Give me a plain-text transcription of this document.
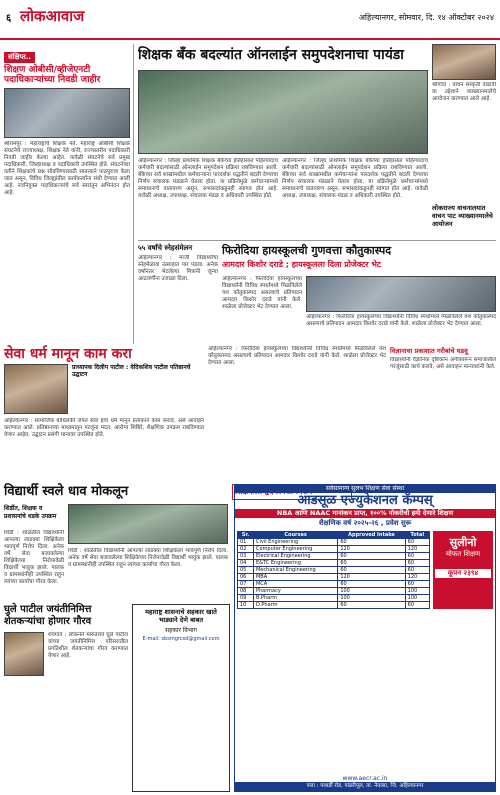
६ लोकआवाज	अहिल्यानगर, सोमवार, दि. १४ ऑक्टोबर २०२४
संक्षिप्त..
शिक्षण ओबीसी/व्हीजेएनटी पदाधिकाऱ्यांच्या निवडी जाहीर
श्रीरामपूर : महाराष्ट्राचे शिक्षक नेते, महाराष्ट्र ओबीसी शिक्षक संघटनेचे राज्याध्यक्ष, शिक्षक नेते यांनी, राज्यस्तरीय पदाधिकारी निवडी जाहीर केल्या आहेत. यावेळी संघटनेचे सर्व प्रमुख पदाधिकारी, जिल्हाध्यक्ष व पदाधिकारी उपस्थित होते. संघटनेच्या वतीने शिक्षकांचे प्रश्न सोडविण्यासाठी सातत्याने पाठपुरावा केला जात असून, विविध जिल्ह्यांतील कार्यकर्त्यांना संधी देण्यात आली आहे. नवनियुक्त पदाधिकाऱ्यांचे सर्व स्तरांतून अभिनंदन होत आहे.
शिक्षक बँक बदल्यांत ऑनलाईन समुपदेशनाचा पायंडा
श्रीगोंदा : वाचन संस्कृती वाढावी या उद्देशाने व्याख्यानमालेचे आयोजन करण्यात आले आहे.
अहिल्यानगर : जिल्हा प्राथमिक शिक्षक बँकेच्या इतिहासात पहिल्यांदाच कर्मचारी बदल्यांसाठी ऑनलाईन समुपदेशन प्रक्रिया राबविण्यात आली. बँकेच्या सर्व शाखांमधील कर्मचाऱ्यांना पारदर्शक पद्धतीने बदली देण्याचा निर्णय संचालक मंडळाने घेतला होता. या प्रक्रियेमुळे कर्मचाऱ्यांमध्ये समाधानाचे वातावरण असून, सभासदांकडूनही स्वागत होत आहे. यावेळी अध्यक्ष, उपाध्यक्ष, संचालक मंडळ व अधिकारी उपस्थित होते.
अहिल्यानगर : जिल्हा प्राथमिक शिक्षक बँकेच्या इतिहासात पहिल्यांदाच कर्मचारी बदल्यांसाठी ऑनलाईन समुपदेशन प्रक्रिया राबविण्यात आली. बँकेच्या सर्व शाखांमधील कर्मचाऱ्यांना पारदर्शक पद्धतीने बदली देण्याचा निर्णय संचालक मंडळाने घेतला होता. या प्रक्रियेमुळे कर्मचाऱ्यांमध्ये समाधानाचे वातावरण असून, सभासदांकडूनही स्वागत होत आहे. यावेळी अध्यक्ष, उपाध्यक्ष, संचालक मंडळ व अधिकारी उपस्थित होते.
लोकराज्य वाचनालयात वाचन पाट व्याख्यानमालेचे आयोजन
५५ वर्षांचे स्नेहसंमेलन
अहिल्यानगर : माजी विद्यार्थ्यांचा स्नेहमेळावा उत्साहात पार पडला. अनेक वर्षांनंतर भेटलेल्या मित्रांनी जुन्या आठवणींना उजाळा दिला.
फिरोदिया हायस्कूलची गुणवत्ता कौतुकास्पद
आमदार किशोर दराडे ; हायस्कूलला दिला प्रोजेक्टर भेट
अहिल्यानगर : फिरोदिया हायस्कूलच्या विद्यार्थ्यांनी विविध स्पर्धांमध्ये मिळविलेले यश कौतुकास्पद असल्याचे प्रतिपादन आमदार किशोर दराडे यांनी केले. शाळेला प्रोजेक्टर भेट देण्यात आला.
अहिल्यानगर : फिरोदिया हायस्कूलच्या विद्यार्थ्यांनी विविध स्पर्धांमध्ये मिळविलेले यश कौतुकास्पद असल्याचे प्रतिपादन आमदार किशोर दराडे यांनी केले. शाळेला प्रोजेक्टर भेट देण्यात आला.
सेवा धर्म मानून काम करा
प्राध्यापक दिलीप पाटील : वेदिकशिव पाटील पतिष्ठानचे उद्घाटन
अहिल्यानगर : सामाजिक बांधिलकी जपत सेवा हाच धर्म मानून प्रत्येकाने काम करावे, असे आवाहन करण्यात आले. प्रतिष्ठानच्या माध्यमातून गरजूंना मदत, आरोग्य शिबिरे, शैक्षणिक उपक्रम राबविण्यात येणार आहेत. उद्घाटन प्रसंगी मान्यवर उपस्थित होते.
विज्ञानाचा प्रकाशात गरीबांचे घडवू
विद्यार्थ्यांनी वैज्ञानिक दृष्टिकोन अंगीकारून समाजातील गरजूंसाठी कार्य करावे, असे आवाहन मान्यवरांनी केले.
अहिल्यानगर : फिरोदिया हायस्कूलच्या विद्यार्थ्यांनी विविध स्पर्धांमध्ये मिळविलेले यश कौतुकास्पद असल्याचे प्रतिपादन आमदार किशोर दराडे यांनी केले. शाळेला प्रोजेक्टर भेट देण्यात आला.
विद्यार्थी स्वले धाव मोकलून
शिर्डीत, शिक्षक व प्रशासनांचे धडके उपक्रम
शिर्डी : शाळेतील विद्यार्थ्यांनी आपल्या लाडक्या शिक्षिकेला भावपूर्ण निरोप दिला. अनेक वर्षे सेवा बजावलेल्या शिक्षिकेच्या निरोपावेळी विद्यार्थी भावुक झाले. पालक व ग्रामस्थांनीही उपस्थित राहून त्यांच्या कार्याचा गौरव केला.
शिर्डी : शाळेतील विद्यार्थ्यांनी आपल्या लाडक्या शिक्षिकेला भावपूर्ण निरोप दिला. अनेक वर्षे सेवा बजावलेल्या शिक्षिकेच्या निरोपावेळी विद्यार्थी भावुक झाले. पालक व ग्रामस्थांनीही उपस्थित राहून त्यांच्या कार्याचा गौरव केला.
घुले पाटील जयंतीनिमित्त शेतकऱ्यांचा होणार गौरव
शेवगाव : लोकनेते मारुतराव घुले पाटील यांच्या जयंतीनिमित्त परिसरातील प्रगतिशील शेतकऱ्यांचा गौरव करण्यात येणार आहे.
महाराष्ट्र शासनाचे सहकार खाते भाड्याने देणे बाबत
सहकार विभाग
E-mail: sbsmgrcsd@gmail.com
सर्वसामान्य सुलभ शिक्षण सेवा संस्था
आडसूळ एज्युकेशनल कॅम्पस्
NBA आणि NAAC मानांकन प्राप्त, १००% नोकरीची हमी देणारे शिक्षण
शैक्षणिक वर्ष २०२५-२६ , प्रवेश सुरू
Sr.	Courses	Approved Intake	Total
01	Civil Engineering	60	60
02	Computer Engineering	120	120
03	Electrical Engineering	60	60
04	E&TC Engineering	60	60
05	Mechanical Engineering	60	60
06	MBA	120	120
07	MCA	60	60
08	Pharmacy	100	100
09	B.Pharm	100	100
10	D.Pharm	60	60
सुलीनो
मोफत शिक्षण
कूपन २३९४
www.aecr.ac.in
पत्ता : पाथर्डी रोड, पांढरीपूल, ता. नेवासा, जि. अहिल्यानगर
